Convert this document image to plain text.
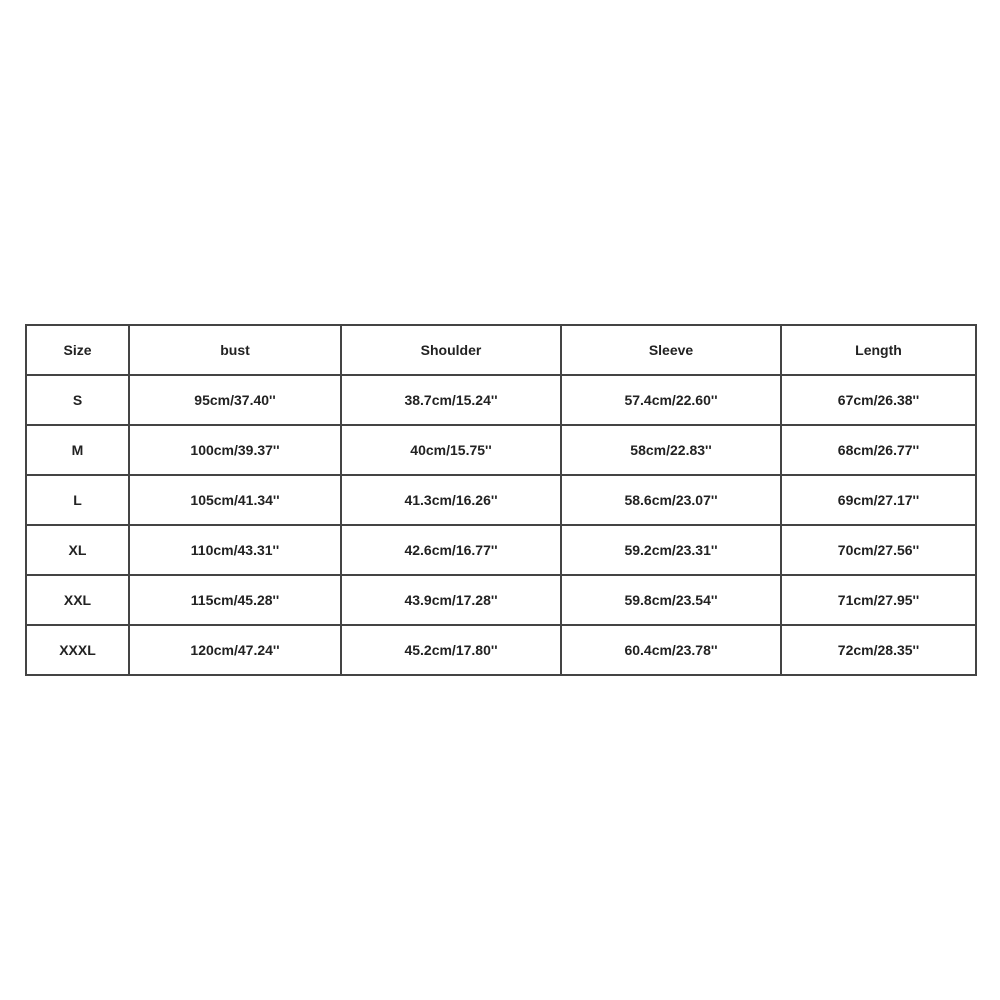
Size	bust	Shoulder	Sleeve	Length
S	95cm/37.40''	38.7cm/15.24''	57.4cm/22.60''	67cm/26.38''
M	100cm/39.37''	40cm/15.75''	58cm/22.83''	68cm/26.77''
L	105cm/41.34''	41.3cm/16.26''	58.6cm/23.07''	69cm/27.17''
XL	110cm/43.31''	42.6cm/16.77''	59.2cm/23.31''	70cm/27.56''
XXL	115cm/45.28''	43.9cm/17.28''	59.8cm/23.54''	71cm/27.95''
XXXL	120cm/47.24''	45.2cm/17.80''	60.4cm/23.78''	72cm/28.35''
